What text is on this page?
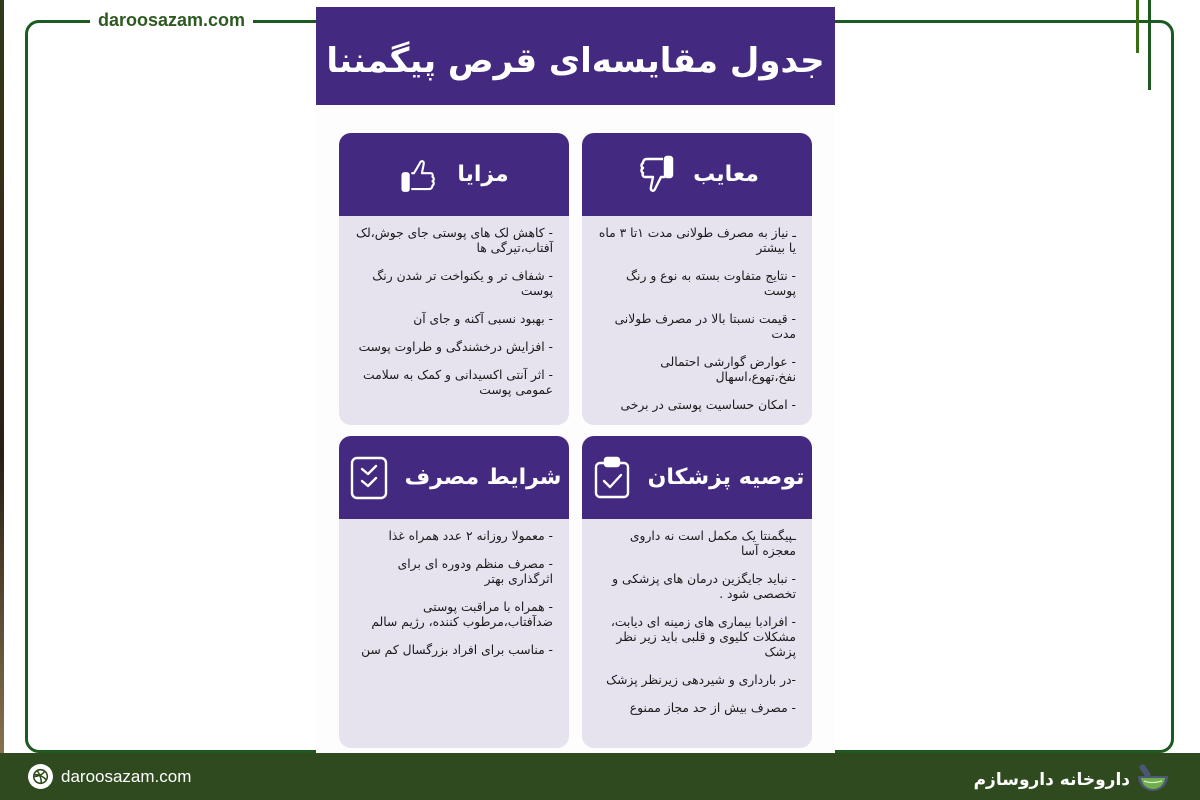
daroosazam.com
جدول مقایسه‌ای قرص پیگمننا
معایب
ـ نیاز به مصرف طولانی مدت ۱تا ۳ ماه یا بیشتر
- نتایج متفاوت بسته به نوع و رنگ پوست
- قیمت نسبتا بالا در مصرف طولانی مدت
- عوارض گوارشی احتمالی نفخ،تهوع،اسهال
- امکان حساسیت پوستی در برخی
مزایا
- کاهش لک های پوستی جای جوش،لک آفتاب،تیرگی ها
- شفاف تر و یکنواخت تر شدن رنگ پوست
- بهبود نسبی آکنه و جای آن
- افزایش درخشندگی و طراوت پوست
- اثر آنتی اکسیدانی و کمک به سلامت عمومی پوست
توصیه پزشکان
ـپیگمنتا یک مکمل است نه داروی معجزه آسا
- نباید جایگزین درمان های پزشکی و تخصصی شود .
- افرادبا بیماری های زمینه ای دیابت، مشکلات کلیوی و قلبی باید زیر نظر پزشک
-در بارداری و شیردهی زیرنظر پزشک
- مصرف بیش از حد مجاز ممنوع
شرایط مصرف
- معمولا روزانه ۲ عدد همراه غذا
- مصرف منظم ودوره ای برای اثرگذاری بهتر
- همراه با مراقبت پوستی ضدآفتاب،مرطوب کننده، رژیم سالم
- مناسب برای افراد بزرگسال کم سن
daroosazam.com	داروخانه داروسازم
